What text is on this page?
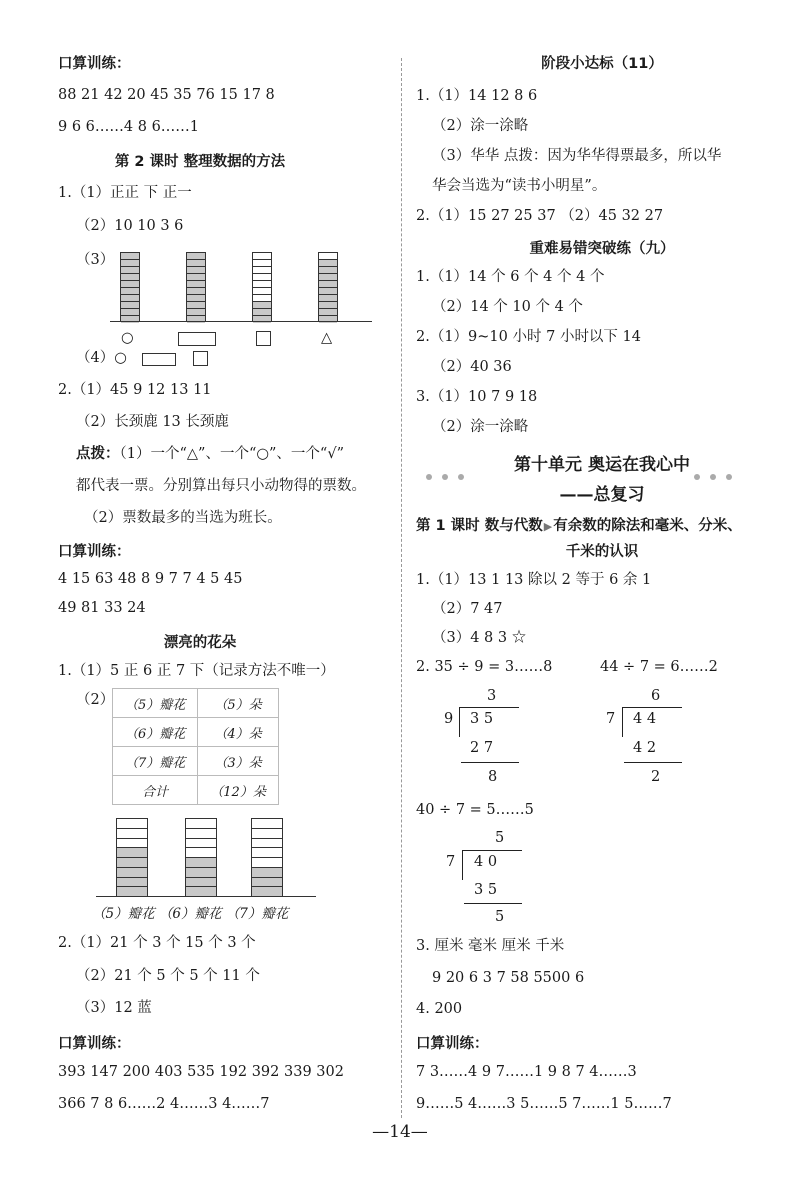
口算训练：
88 21 42 20 45 35 76 15 17 8
9 6 6……4 8 6……1
第 2 课时 整理数据的方法
1.（1）正正 下 正一
（2）10 10 3 6
（3）
○	△
（4）○
2.（1）45 9 12 13 11
（2）长颈鹿 13 长颈鹿
点拨：（1）一个“△”、一个“○”、一个“√”
都代表一票。分别算出每只小动物得的票数。
（2）票数最多的当选为班长。
口算训练：
4 15 63 48 8 9 7 7 4 5 45
49 81 33 24
漂亮的花朵
1.（1）5 正 6 正 7 下（记录方法不唯一）
（2） （5）瓣花	（5）朵
（6）瓣花	（4）朵
（7）瓣花	（3）朵
合计	（12）朵
（5）瓣花 （6）瓣花 （7）瓣花
2.（1）21 个 3 个 15 个 3 个
（2）21 个 5 个 5 个 11 个
（3）12 蓝
口算训练：
393 147 200 403 535 192 392 339 302
366 7 8 6……2 4……3 4……7
阶段小达标（11）
1.（1）14 12 8 6
（2）涂一涂略
（3）华华 点拨：因为华华得票最多，所以华
华会当选为“读书小明星”。
2.（1）15 27 25 37 （2）45 32 27
重难易错突破练（九）
1.（1）14 个 6 个 4 个 4 个
（2）14 个 10 个 4 个
2.（1）9~10 小时 7 小时以下 14
（2）40 36
3.（1）10 7 9 18
（2）涂一涂略
第十单元 奥运在我心中
——总复习
第 1 课时 数与代数▶有余数的除法和毫米、分米、
千米的认识
1.（1）13 1 13 除以 2 等于 6 余 1
（2）7 47
（3）4 8 3 ☆
2. 35 ÷ 9 = 3……8	44 ÷ 7 = 6……2
3
9 3 5
2 7
8
6
7 4 4
4 2
2
40 ÷ 7 = 5……5
5
7 4 0
3 5
5
3. 厘米 毫米 厘米 千米
9 20 6 3 7 58 5500 6
4. 200
口算训练：
7 3……4 9 7……1 9 8 7 4……3
9……5 4……3 5……5 7……1 5……7
—14—
